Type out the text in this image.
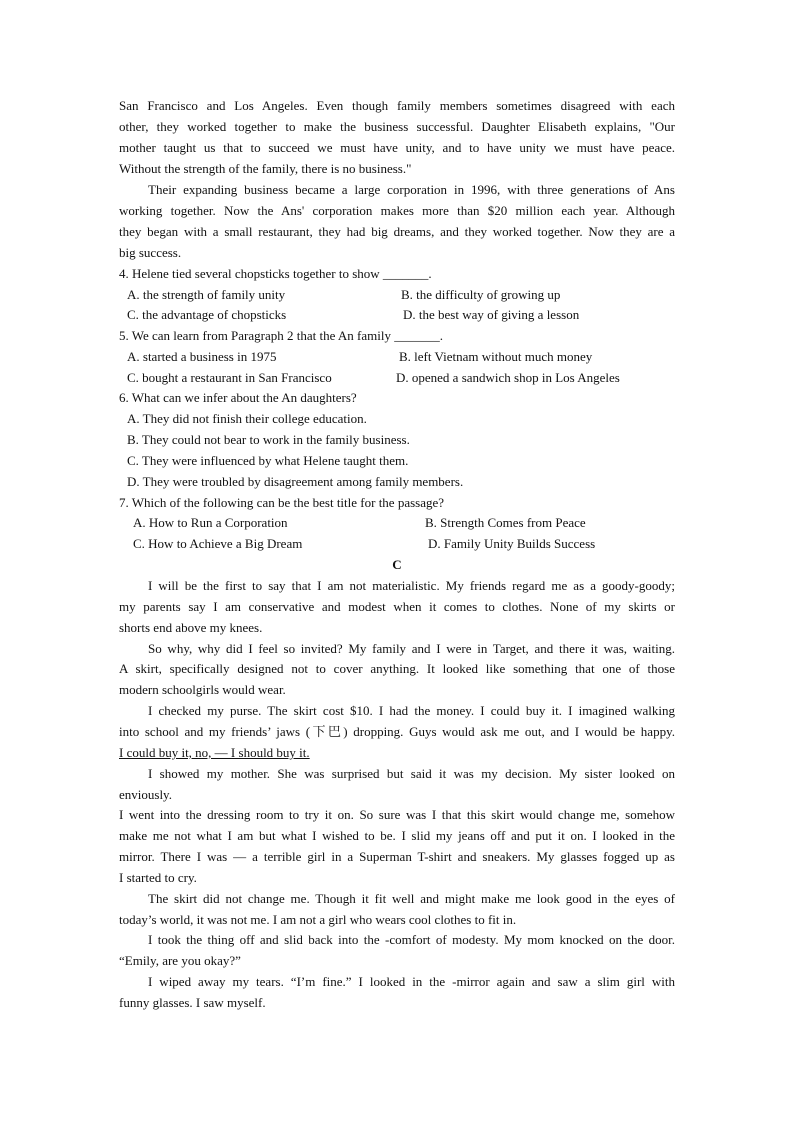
San Francisco and Los Angeles. Even though family members sometimes disagreed with each
other, they worked together to make the business successful. Daughter Elisabeth explains, "Our
mother taught us that to succeed we must have unity, and to have unity we must have peace.
Without the strength of the family, there is no business."
Their expanding business became a large corporation in 1996, with three generations of Ans
working together. Now the Ans' corporation makes more than $20 million each year. Although
they began with a small restaurant, they had big dreams, and they worked together. Now they are a
big success.
4. Helene tied several chopsticks together to show _______.
A. the strength of family unity	B. the difficulty of growing up
C. the advantage of chopsticks	D. the best way of giving a lesson
5. We can learn from Paragraph 2 that the An family _______.
A. started a business in 1975	B. left Vietnam without much money
C. bought a restaurant in San Francisco	D. opened a sandwich shop in Los Angeles
6. What can we infer about the An daughters?
A. They did not finish their college education.
B. They could not bear to work in the family business.
C. They were influenced by what Helene taught them.
D. They were troubled by disagreement among family members.
7. Which of the following can be the best title for the passage?
A. How to Run a Corporation	B. Strength Comes from Peace
C. How to Achieve a Big Dream	D. Family Unity Builds Success
C
I will be the first to say that I am not materialistic. My friends regard me as a goody-goody;
my parents say I am conservative and modest when it comes to clothes. None of my skirts or
shorts end above my knees.
So why, why did I feel so invited? My family and I were in Target, and there it was, waiting.
A skirt, specifically designed not to cover anything. It looked like something that one of those
modern schoolgirls would wear.
I checked my purse. The skirt cost $10. I had the money. I could buy it. I imagined walking
into school and my friends’ jaws (下巴) dropping. Guys would ask me out, and I would be happy.
I could buy it, no, — I should buy it.
I showed my mother. She was surprised but said it was my decision. My sister looked on
enviously.
I went into the dressing room to try it on. So sure was I that this skirt would change me, somehow
make me not what I am but what I wished to be. I slid my jeans off and put it on. I looked in the
mirror. There I was — a terrible girl in a Superman T-shirt and sneakers. My glasses fogged up as
I started to cry.
The skirt did not change me. Though it fit well and might make me look good in the eyes of
today’s world, it was not me. I am not a girl who wears cool clothes to fit in.
I took the thing off and slid back into the -comfort of modesty. My mom knocked on the door.
“Emily, are you okay?”
I wiped away my tears. “I’m fine.” I looked in the -mirror again and saw a slim girl with
funny glasses. I saw myself.
